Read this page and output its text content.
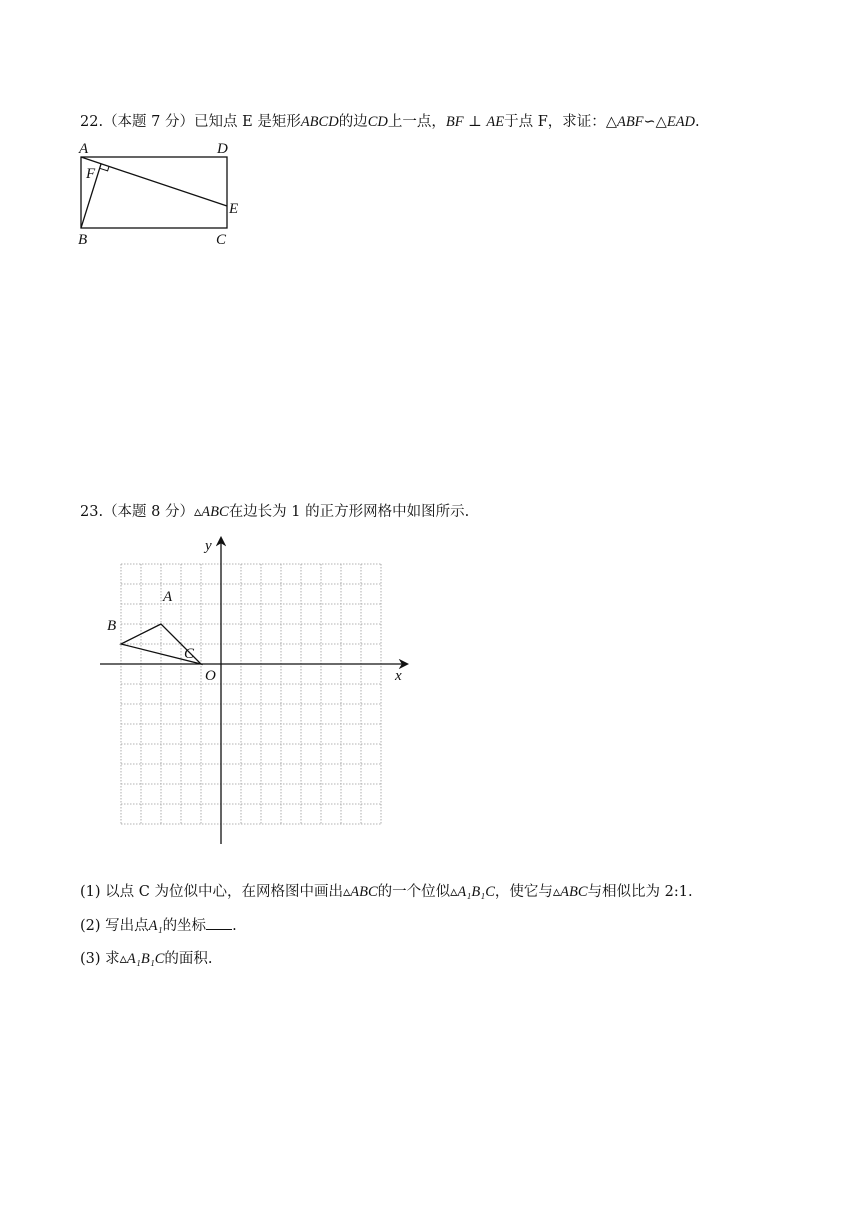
22.（本题 7 分）已知点 E 是矩形ABCD的边CD上一点，BF ⊥ AE于点 F，求证：△ABF∽△EAD.
A	D
F
E
B	C
23.（本题 8 分）▵ABC在边长为 1 的正方形网格中如图所示.
y
x
O
A
B
C
(1) 以点 C 为位似中心，在网格图中画出▵ABC的一个位似▵A₁B₁C，使它与▵ABC与相似比为 2:1.
(2) 写出点A₁的坐标 .
(3) 求▵A₁B₁C的面积.
